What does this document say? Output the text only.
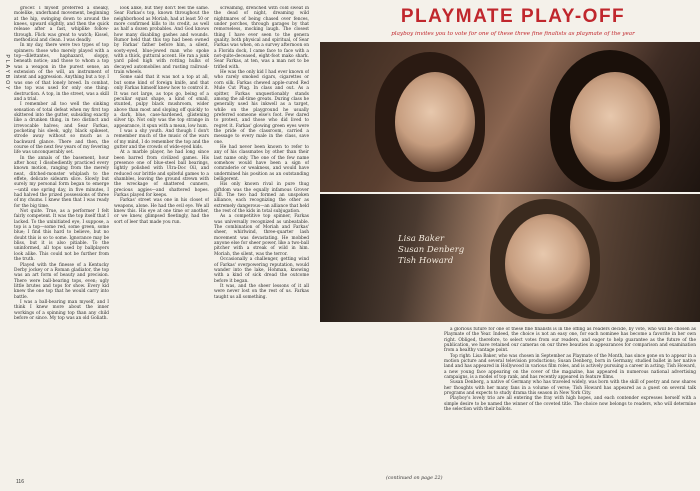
PLAYBOY

grocer. I myself preferred a sneaky, molelike, underhand movement, beginning at the hip, swinging down to around the knees, upward slightly, and then the quick release after a fast, whiplike follow-through. Flick was great to watch; Kissel, methodical and clean. I was deadly.

In my day, there were two types of top spinners: those who merely played with a top—dilettantes, haphazard, sloppy, beneath notice; and those to whom a top was a weapon in the purest sense, an extension of the will, an instrument of intent and aggression. Anything but a toy. I was one of that lonely breed. In combat, the top was used for only one thing: destruction. A top, in the street, was a skill and a trial.

I remember all too well the sinking sensation of total defeat when my first top skittered into the gutter, subsiding exactly like a drunken thing, in two distinct and irrevocable halves; and Sear Farkas, pocketing his sleek, ugly, black spikeset, strode away without so much as a backward glance. There and then, the course of the next few years of my fevering life was unconquerably set.

In the annals of the basement, hour after hour, I disobediently practiced every known motion, ranging from the merely neat, ditched-monster whiplash to the effete, delicate sidearm slice. Slowly but surely my personal form began to emerge—until one spring day, in five minutes, I had halved the prized possessions of three of my chums. I knew then that I was ready for the big time.

Not quite. True, as a performer I felt fairly competent. It was the top itself that I lacked. To the uninitiated eye, I suppose, a top is a top—some red, some green, some blue; I find this hard to believe, but no doubt this is so to some. Ignorance may be bliss, but it is also pitiable. To the uninformed, all tops used by ballplayers look alike. This could not be further from the truth.

Played with the finesse of a Kentucky Derby jockey or a Roman gladiator, the top was an art form of beauty and precision. There were ball-bearing tops, even; ugly little brutes and tops for show. Every kid knew the one top that he would carry into battle.

I was a ball-bearing man myself, and I think I knew more about the inner workings of a spinning top than any child before or since. My top was an old Goliath.

look alike, but they don't feel the same. Sear Farkas's top, known throughout the neighborhood as Moriah, had at least 50 or more confirmed kills to its credit, as well as half a dozen probables. And God knows how many disabling gashes and wounds. Rumor held that this top had been owned by Farkas' father before him, a silent, sooty-eyed, blue-jowed man who spoke with a thick, guttural accent. He ran a junk yard piled high with rotting hulks of decayed automobiles and rusting railroad-train wheels.

Some said that it was not a top at all, but some kind of foreign knife, and that only Farkas himself knew how to control it. It was not large, as tops go, being of a peculiar squat shape, a kind of small, stunted, pulpy black mushroom, wider above than most and sloping off quickly to a dark, blue, case-hardened, glistening silver tip. Not only was the top strange in appearance, it spun with a mean, low hum.

I was a shy youth. And though I don't remember much of the music of the wars of my mind, I do remember the top and the gutter and the crowds of wide-eyed kids.

At a marble player, he had long since been barred from civilized games. His presence one of blue-steel ball bearings, lightly polished with Ulra-Doc Oil, and reduced our brittle and spiteful games to a shambles, leaving the ground strewn with the wreckage of shattered cunners, precious aggies—and shattered hopes. Farkas played for keeps.

Farkas' street was one in his closet of weapons, alone. He had the evil eye. We all knew this. His eye at one time or another, or we knew, glimpsed fleetingly, had the sort of leer that made you run.

screaming, drenched with cold sweat in the dead of night, dreaming wild nightmares of being chased over fences, under porches, through garages by that remorseless, mocking laugh. The closest thing I have ever seen to the genera quality, both physical and spiritual, of Sear Farkas was when, on a survey afternoon on a Florida dock, I came face to face with a not-quite-deceased, eight-foot mako shark. Sear Farkas, at ten, was a man not to be trifled with.

He was the only kid I had ever known of who rarely smoked cigars, cigarettes or corn silk. Farkas chewed apple-cured Red Mule Cut Plug. In class and out. As a spitter, Farkas unquestionably stands among the all-time greats. During class he generally used his inkwell as a target, while on the playground he usually preferred someone else's foot. Few dared to protest, and those who did lived to regret it. Farkas' glowing green eyes were the pride of the classroom, carried a message to every male in the class, save one.

He had never been known to refer to any of his classmates by other than their last name only. The one of the few name somehow would have been a sign of comraderie or weakness, and would have undermined his position as an outstanding belligerent.

His only known rival in pure thug giftdom was the equally infamous Grover Dill. The two had formed an unspoken alliance, each recognizing the other as extremely dangerous—an alliance that held the rest of the kids in total subjugation.

As a competitive top spinner, Farkas was universally recognized as unbeatable. The combination of Moriah and Farkas' sheer, whirlwind, three-quarter lash movement was devastating. He mobbed anyone else for sheer power, like a two-ball pitcher with a streak of wild in him. Moriah, the silent, was the terror.

Occasionally a challenger, getting wind of Farkas' overpowering reputation, would wander into the lake, Hohman, knowing with a kind of sick dread the outcome before it began.

It was, and the sheer lessons of it all were never lost on the rest of us. Farkas taught us all something.

116
PLAYMATE PLAY-OFF
playboy invites you to vote for one of these three fine finalists as playmate of the year
Lisa Baker
Susan Denberg
Tish Howard

a glorious future for one of these fine finalists is in the offing as readers decide, by vote, who will be chosen as Playmate of the Year. Indeed, the choice is not an easy one, for each nominee has become a favorite in her own right. Obliged, therefore, to select votes from our readers, and eager to help guarantee as the future of the publication, we have retained our cameras on our three beauties in appearances for comparison and examination from a healthy vantage point.

Top right: Lisa Baker, who was chosen in September as Playmate of the Month, has since gone on to appear in a motion picture and several television productions; Susan Denberg, born in Germany, studied ballet in her native land and has appeared in Hollywood in various film roles, and is actively pursuing a career in acting; Tish Howard, a new young face appearing on the cover of the magazine, has appeared in numerous national advertising campaigns, is a model of top rank, and has recently appeared in feature films.

Susan Denberg, a native of Germany who has traveled widely, was born with the skill of poetry and now shares her thoughts with her many fans in a volume of verse; Tish Howard has appeared as a guest on several talk programs and expects to study drama this season in New York City.

Playboy's lovely trio are all entering the fray with high hopes, and each contender expresses herself with a simple desire to be named the winner of the coveted title. The choice now belongs to readers, who will determine the selection with their ballots.

(continued on page 22)
